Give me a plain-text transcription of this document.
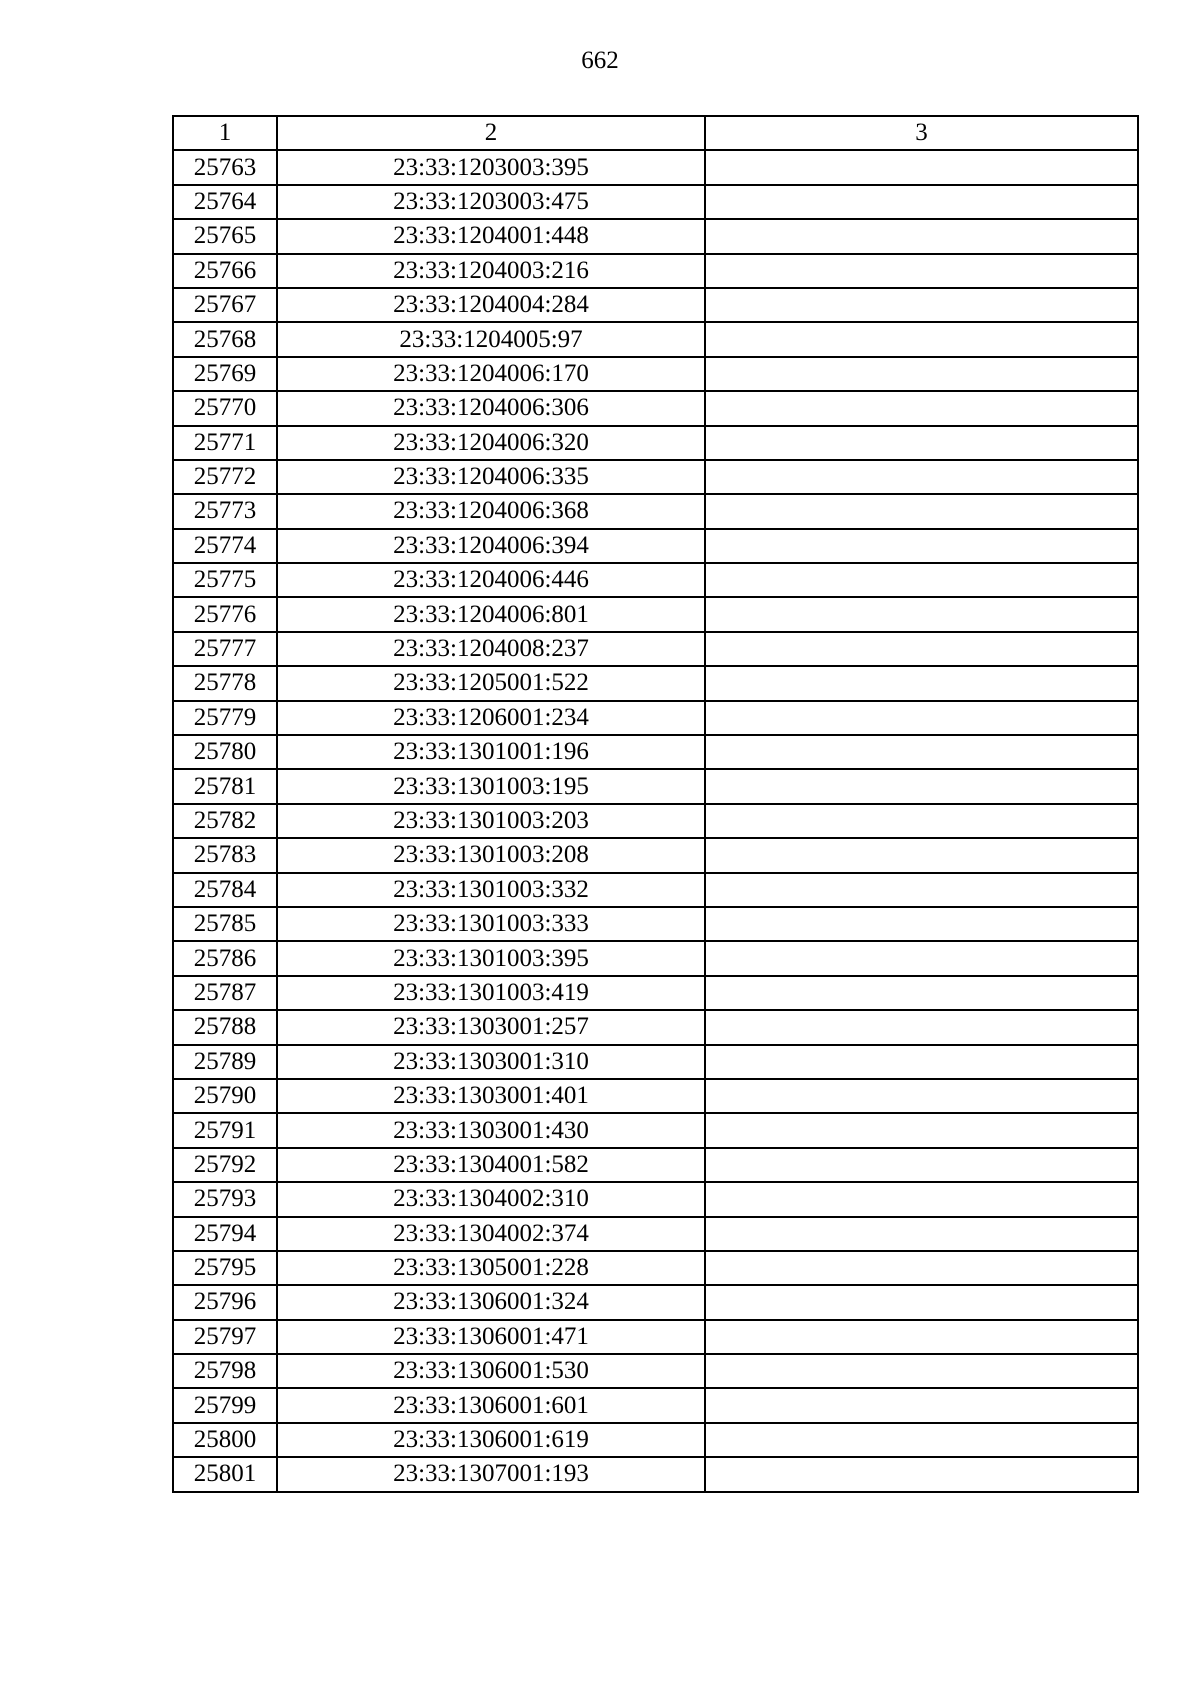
662
1	2	3
25763	23:33:1203003:395	
25764	23:33:1203003:475	
25765	23:33:1204001:448	
25766	23:33:1204003:216	
25767	23:33:1204004:284	
25768	23:33:1204005:97	
25769	23:33:1204006:170	
25770	23:33:1204006:306	
25771	23:33:1204006:320	
25772	23:33:1204006:335	
25773	23:33:1204006:368	
25774	23:33:1204006:394	
25775	23:33:1204006:446	
25776	23:33:1204006:801	
25777	23:33:1204008:237	
25778	23:33:1205001:522	
25779	23:33:1206001:234	
25780	23:33:1301001:196	
25781	23:33:1301003:195	
25782	23:33:1301003:203	
25783	23:33:1301003:208	
25784	23:33:1301003:332	
25785	23:33:1301003:333	
25786	23:33:1301003:395	
25787	23:33:1301003:419	
25788	23:33:1303001:257	
25789	23:33:1303001:310	
25790	23:33:1303001:401	
25791	23:33:1303001:430	
25792	23:33:1304001:582	
25793	23:33:1304002:310	
25794	23:33:1304002:374	
25795	23:33:1305001:228	
25796	23:33:1306001:324	
25797	23:33:1306001:471	
25798	23:33:1306001:530	
25799	23:33:1306001:601	
25800	23:33:1306001:619	
25801	23:33:1307001:193	
